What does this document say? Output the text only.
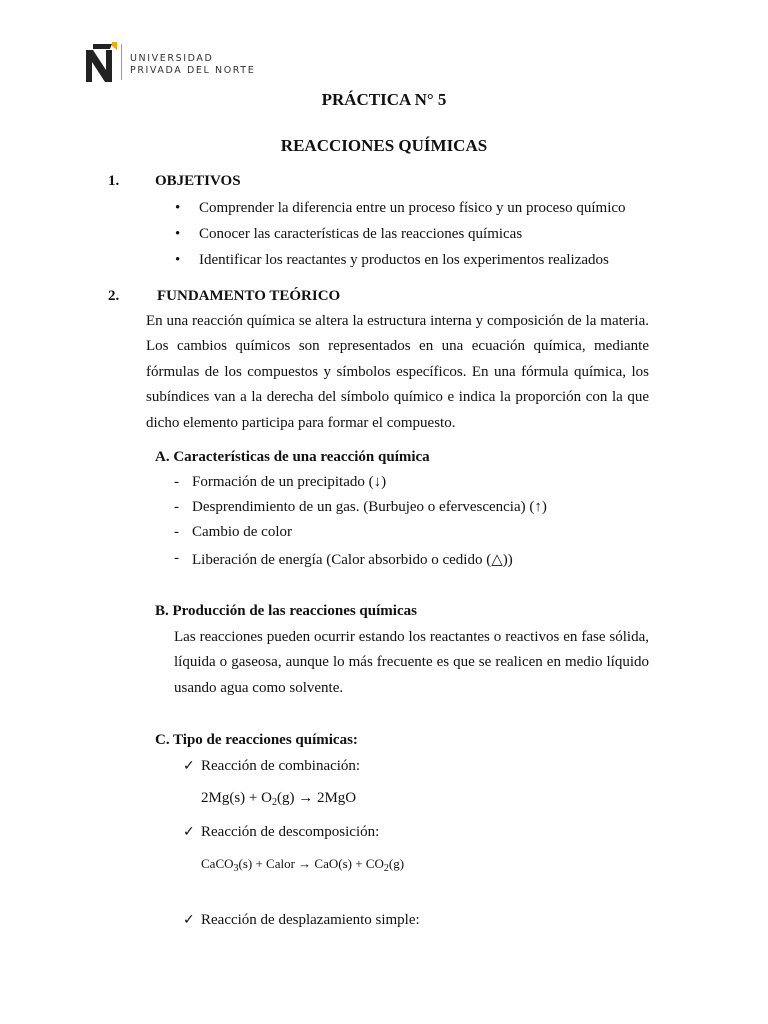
UNIVERSIDAD
PRIVADA DEL NORTE
PRÁCTICA N° 5
REACCIONES QUÍMICAS
1. OBJETIVOS
• Comprender la diferencia entre un proceso físico y un proceso químico
• Conocer las características de las reacciones químicas
• Identificar los reactantes y productos en los experimentos realizados
2.	FUNDAMENTO TEÓRICO
En una reacción química se altera la estructura interna y composición de la materia. Los cambios químicos son representados en una ecuación química, mediante fórmulas de los compuestos y símbolos específicos. En una fórmula química, los subíndices van a la derecha del símbolo químico e indica la proporción con la que dicho elemento participa para formar el compuesto.
A. Características de una reacción química
- Formación de un precipitado (↓)
- Desprendimiento de un gas. (Burbujeo o efervescencia) (↑)
- Cambio de color
- Liberación de energía (Calor absorbido o cedido (△))
B. Producción de las reacciones químicas
Las reacciones pueden ocurrir estando los reactantes o reactivos en fase sólida, líquida o gaseosa, aunque lo más frecuente es que se realicen en medio líquido usando agua como solvente.
C. Tipo de reacciones químicas:
✓ Reacción de combinación:
$2Mg(s) + O_2(g) \to 2MgO$
✓ Reacción de descomposición:
CaCO$_3$(s) + Calor → $CaO(s) + CO_2(g)$
✓ Reacción de desplazamiento simple:
